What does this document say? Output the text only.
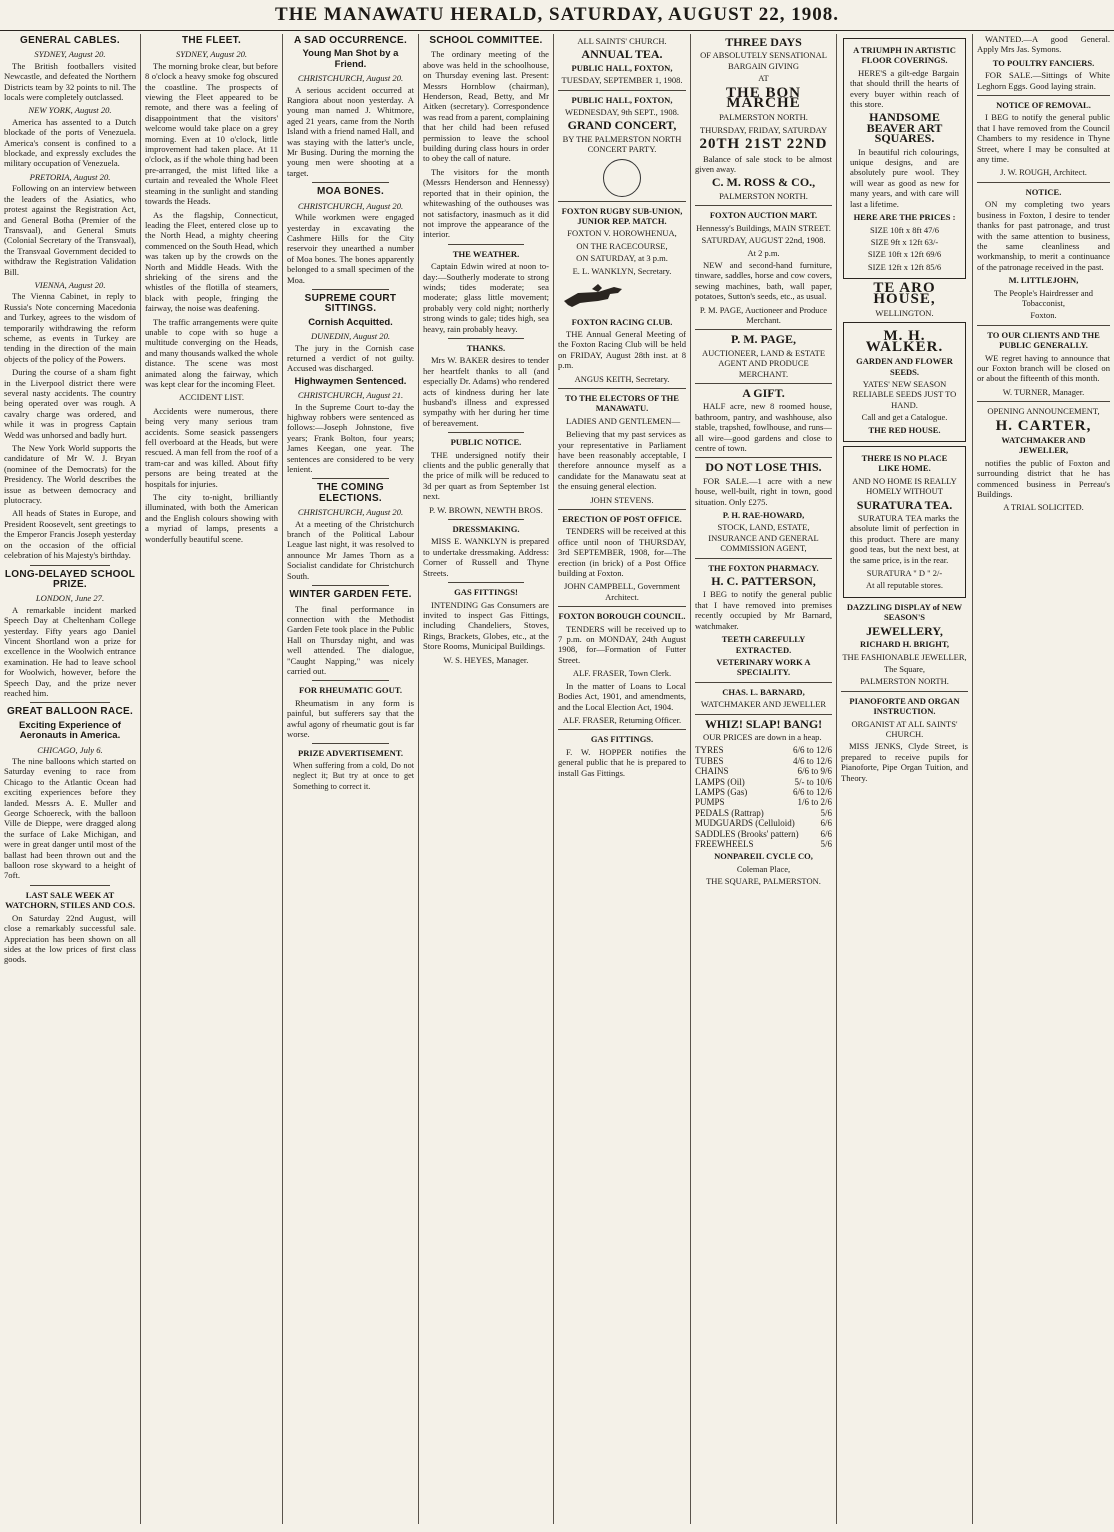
THE MANAWATU HERALD, SATURDAY, AUGUST 22, 1908.
GENERAL CABLES.

SYDNEY, August 20.

The British footballers visited Newcastle, and defeated the Northern Districts team by 32 points to nil. The locals were completely outclassed.

NEW YORK, August 20.

America has assented to a Dutch blockade of the ports of Venezuela. America's consent is confined to a blockade, and expressly excludes the military occupation of Venezuela.

PRETORIA, August 20.

Following on an interview between the leaders of the Asiatics, who protest against the Registration Act, and General Botha (Premier of the Transvaal), and General Smuts (Colonial Secretary of the Transvaal), the Transvaal Government decided to withdraw the Registration Validation Bill.

VIENNA, August 20.

The Vienna Cabinet, in reply to Russia's Note concerning Macedonia and Turkey, agrees to the wisdom of temporarily withdrawing the reform scheme, as events in Turkey are tending in the direction of the main objects of the policy of the Powers.

During the course of a sham fight in the Liverpool district there were several nasty accidents. The country being operated over was rough. A cavalry charge was ordered, and while it was in progress Captain Wedd was unhorsed and badly hurt.

The New York World supports the candidature of Mr W. J. Bryan (nominee of the Democrats) for the Presidency. The World describes the issue as between democracy and plutocracy.

All heads of States in Europe, and President Roosevelt, sent greetings to the Emperor Francis Joseph yesterday on the occasion of the official celebration of his Majesty's birthday.

LONG-DELAYED SCHOOL PRIZE.

LONDON, June 27.

A remarkable incident marked Speech Day at Cheltenham College yesterday. Fifty years ago Daniel Vincent Shortland won a prize for excellence in the Woolwich entrance examination. He had to leave school for Woolwich, however, before the Speech Day, and the prize never reached him.

GREAT BALLOON RACE.
Exciting Experience of Aeronauts in America.

CHICAGO, July 6.

The nine balloons which started on Saturday evening to race from Chicago to the Atlantic Ocean had exciting experiences before they landed. Messrs A. E. Muller and George Schoereck, with the balloon Ville de Dieppe, were dragged along the surface of Lake Michigan, and were in great danger until most of the ballast had been thrown out and the balloon rose skyward to a height of 7oft.

LAST SALE WEEK AT WATCHORN, STILES AND CO.S.

On Saturday 22nd August, will close a remarkably successful sale. Appreciation has been shown on all sides at the low prices of first class goods.

THE FLEET.

SYDNEY, August 20.

The morning broke clear, but before 8 o'clock a heavy smoke fog obscured the coastline. The prospects of viewing the Fleet appeared to be remote, and there was a feeling of disappointment that the visitors' welcome would take place on a grey morning. Even at 10 o'clock, little improvement had taken place. At 11 o'clock, as if the whole thing had been pre-arranged, the mist lifted like a curtain and revealed the Whole Fleet steaming in the sunlight and standing towards the Heads.

As the flagship, Connecticut, leading the Fleet, entered close up to the North Head, a mighty cheering commenced on the South Head, which was taken up by the crowds on the North and Middle Heads. With the shrieking of the sirens and the whistles of the flotilla of steamers, black with people, fringing the fairway, the noise was deafening.

The traffic arrangements were quite unable to cope with so huge a multitude converging on the Heads, and many thousands walked the whole distance. The scene was most animated along the fairway, which was kept clear for the incoming Fleet.

ACCIDENT LIST.

Accidents were numerous, there being very many serious tram accidents. Some seasick passengers fell overboard at the Heads, but were rescued. A man fell from the roof of a tram-car and was killed. About fifty persons are being treated at the hospitals for injuries.

The city to-night, brilliantly illuminated, with both the American and the English colours showing with a myriad of lamps, presents a wonderfully beautiful scene.

A SAD OCCURRENCE.
Young Man Shot by a Friend.

CHRISTCHURCH, August 20.

A serious accident occurred at Rangiora about noon yesterday. A young man named J. Whitmore, aged 21 years, came from the North Island with a friend named Hall, and was staying with the latter's uncle, Mr Busing. During the morning the young men were shooting at a target.

MOA BONES.

CHRISTCHURCH, August 20.

While workmen were engaged yesterday in excavating the Cashmere Hills for the City reservoir they unearthed a number of Moa bones. The bones apparently belonged to a small specimen of the Moa.

SUPREME COURT SITTINGS.
Cornish Acquitted.

DUNEDIN, August 20.

The jury in the Cornish case returned a verdict of not guilty. Accused was discharged.

Highwaymen Sentenced.

CHRISTCHURCH, August 21.

In the Supreme Court to-day the highway robbers were sentenced as follows:—Joseph Johnstone, five years; Frank Bolton, four years; James Keegan, one year. The sentences are considered to be very lenient.

THE COMING ELECTIONS.

CHRISTCHURCH, August 20.

At a meeting of the Christchurch branch of the Political Labour League last night, it was resolved to announce Mr James Thorn as a Socialist candidate for Christchurch South.

WINTER GARDEN FETE.

The final performance in connection with the Methodist Garden Fete took place in the Public Hall on Thursday night, and was well attended. The dialogue, "Caught Napping," was nicely carried out.

FOR RHEUMATIC GOUT.

Rheumatism in any form is painful, but sufferers say that the awful agony of rheumatic gout is far worse.

PRIZE ADVERTISEMENT.

When suffering from a cold, Do not neglect it; But try at once to get Something to correct it.

SCHOOL COMMITTEE.

The ordinary meeting of the above was held in the schoolhouse, on Thursday evening last. Present: Messrs Hornblow (chairman), Henderson, Read, Betty, and Mr Aitken (secretary). Correspondence was read from a parent, complaining that her child had been refused permission to leave the school building during class hours in order to obey the call of nature.

The visitors for the month (Messrs Henderson and Hennessy) reported that in their opinion, the whitewashing of the outhouses was not satisfactory, inasmuch as it did not improve the appearance of the interior.

THE WEATHER.

Captain Edwin wired at noon to-day:—Southerly moderate to strong winds; tides moderate; sea moderate; glass little movement; probably very cold night; northerly strong winds to gale; tides high, sea heavy, rain probably heavy.

THANKS.

Mrs W. BAKER desires to tender her heartfelt thanks to all (and especially Dr. Adams) who rendered acts of kindness during her late husband's illness and expressed sympathy with her during her time of bereavement.

PUBLIC NOTICE.

THE undersigned notify their clients and the public generally that the price of milk will be reduced to 3d per quart as from September 1st next.

P. W. BROWN, NEWTH BROS.

DRESSMAKING.

MISS E. WANKLYN is prepared to undertake dressmaking. Address: Corner of Russell and Thyne Streets.

GAS FITTINGS!

INTENDING Gas Consumers are invited to inspect Gas Fittings, including Chandeliers, Stoves, Rings, Brackets, Globes, etc., at the Store Rooms, Municipal Buildings.

W. S. HEYES, Manager.

ALL SAINTS' CHURCH.
ANNUAL TEA.
PUBLIC HALL, FOXTON,
TUESDAY, SEPTEMBER 1, 1908.
PUBLIC HALL, FOXTON,
WEDNESDAY, 9th SEPT., 1908.
GRAND CONCERT,
BY THE PALMERSTON NORTH CONCERT PARTY.
FOXTON RUGBY SUB-UNION, JUNIOR REP. MATCH.
FOXTON V. HOROWHENUA,
ON THE RACECOURSE,
ON SATURDAY, at 3 p.m.
E. L. WANKLYN, Secretary.
FOXTON RACING CLUB.

THE Annual General Meeting of the Foxton Racing Club will be held on FRIDAY, August 28th inst. at 8 p.m.

ANGUS KEITH, Secretary.
TO THE ELECTORS OF THE MANAWATU.

LADIES AND GENTLEMEN—

Believing that my past services as your representative in Parliament have been reasonably acceptable, I therefore announce myself as a candidate for the Manawatu seat at the ensuing general election.

JOHN STEVENS.
ERECTION OF POST OFFICE.

TENDERS will be received at this office until noon of THURSDAY, 3rd SEPTEMBER, 1908, for—The erection (in brick) of a Post Office building at Foxton.

JOHN CAMPBELL, Government Architect.
FOXTON BOROUGH COUNCIL.

TENDERS will be received up to 7 p.m. on MONDAY, 24th August 1908, for—Formation of Futter Street.

ALF. FRASER, Town Clerk.

In the matter of Loans to Local Bodies Act, 1901, and amendments, and the Local Election Act, 1904.

ALF. FRASER, Returning Officer.
GAS FITTINGS.

F. W. HOPPER notifies the general public that he is prepared to install Gas Fittings.

THREE DAYS
OF ABSOLUTELY SENSATIONAL BARGAIN GIVING
AT
THE BON MARCHE
PALMERSTON NORTH.
THURSDAY, FRIDAY, SATURDAY
20TH 21ST 22ND

Balance of sale stock to be almost given away.

C. M. ROSS & CO.,
PALMERSTON NORTH.
FOXTON AUCTION MART.
Hennessy's Buildings, MAIN STREET.
SATURDAY, AUGUST 22nd, 1908.
At 2 p.m.

NEW and second-hand furniture, tinware, saddles, horse and cow covers, sewing machines, bath, wall paper, potatoes, Sutton's seeds, etc., as usual.

P. M. PAGE, Auctioneer and Produce Merchant.
P. M. PAGE,
AUCTIONEER, LAND & ESTATE AGENT AND PRODUCE MERCHANT.
A GIFT.

HALF acre, new 8 roomed house, bathroom, pantry, and washhouse, also stable, trapshed, fowlhouse, and runs—all wire—good gardens and close to centre of town.

DO NOT LOSE THIS.

FOR SALE.—1 acre with a new house, well-built, right in town, good situation. Only £275.

P. H. RAE-HOWARD,
STOCK, LAND, ESTATE, INSURANCE AND GENERAL COMMISSION AGENT,
THE FOXTON PHARMACY.
H. C. PATTERSON,

I BEG to notify the general public that I have removed into premises recently occupied by Mr Barnard, watchmaker.

TEETH CAREFULLY EXTRACTED.
VETERINARY WORK A SPECIALITY.
CHAS. L. BARNARD,
WATCHMAKER AND JEWELLER
WHIZ! SLAP! BANG!

OUR PRICES are down in a heap.

TYRES	6/6 to 12/6
TUBES	4/6 to 12/6
CHAINS	6/6 to 9/6
LAMPS (Oil)	5/- to 10/6
LAMPS (Gas)	6/6 to 12/6
PUMPS	1/6 to 2/6
PEDALS (Rattrap)	5/6
MUDGUARDS (Celluloid)	6/6
SADDLES (Brooks' pattern) 6/6
FREEWHEELS	5/6
NONPAREIL CYCLE CO,
Coleman Place,
THE SQUARE, PALMERSTON.
A TRIUMPH IN ARTISTIC FLOOR COVERINGS.

HERE'S a gilt-edge Bargain that should thrill the hearts of every buyer within reach of this store.

HANDSOME BEAVER ART SQUARES.

In beautiful rich colourings, unique designs, and are absolutely pure wool. They will wear as good as new for many years, and with care will last a lifetime.

HERE ARE THE PRICES :
SIZE 10ft x 8ft 47/6
SIZE 9ft x 12ft 63/-
SIZE 10ft x 12ft 69/6
SIZE 12ft x 12ft 85/6
TE ARO HOUSE,
WELLINGTON.
M. H. WALKER.
GARDEN AND FLOWER SEEDS.
YATES' NEW SEASON RELIABLE SEEDS JUST TO HAND.
Call and get a Catalogue.
THE RED HOUSE.
THERE IS NO PLACE LIKE HOME.
AND NO HOME IS REALLY HOMELY WITHOUT
SURATURA TEA.

SURATURA TEA marks the absolute limit of perfection in this product. There are many good teas, but the next best, at the same price, is in the rear.

SURATURA " D " 2/-
At all reputable stores.
DAZZLING DISPLAY of NEW SEASON'S
JEWELLERY,
RICHARD H. BRIGHT,
THE FASHIONABLE JEWELLER,
The Square,
PALMERSTON NORTH.
PIANOFORTE AND ORGAN INSTRUCTION.
ORGANIST AT ALL SAINTS' CHURCH.

MISS JENKS, Clyde Street, is prepared to receive pupils for Pianoforte, Pipe Organ Tuition, and Theory.

WANTED.—A good General. Apply Mrs Jas. Symons.

TO POULTRY FANCIERS.

FOR SALE.—Sittings of White Leghorn Eggs. Good laying strain.

NOTICE OF REMOVAL.

I BEG to notify the general public that I have removed from the Council Chambers to my residence in Thyne Street, where I may be consulted at any time.

J. W. ROUGH, Architect.
NOTICE.

ON my completing two years business in Foxton, I desire to tender thanks for past patronage, and trust with the same attention to business, the same cleanliness and workmanship, to merit a continuance of the patronage received in the past.

M. LITTLEJOHN,
The People's Hairdresser and Tobacconist,
Foxton.
TO OUR CLIENTS AND THE PUBLIC GENERALLY.

WE regret having to announce that our Foxton branch will be closed on or about the fifteenth of this month.

W. TURNER, Manager.
OPENING ANNOUNCEMENT,
H. CARTER,
WATCHMAKER AND JEWELLER,

notifies the public of Foxton and surrounding district that he has commenced business in Perreau's Buildings.

A TRIAL SOLICITED.
